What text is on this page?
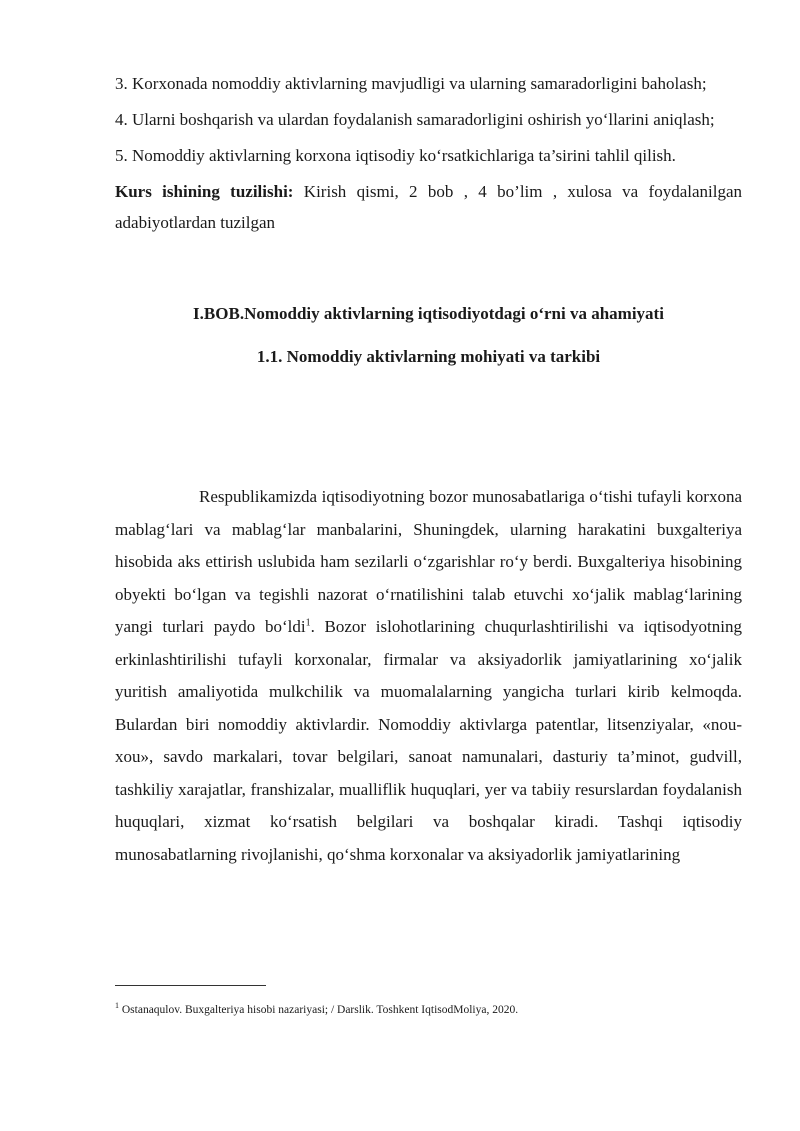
3. Korxonada nomoddiy aktivlarning mavjudligi va ularning samaradorligini baholash;

4. Ularni boshqarish va ulardan foydalanish samaradorligini oshirish yo‘llarini aniqlash;

5. Nomoddiy aktivlarning korxona iqtisodiy ko‘rsatkichlariga ta’sirini tahlil qilish.

Kurs ishining tuzilishi: Kirish qismi, 2 bob , 4 bo’lim , xulosa va foydalanilgan adabiyotlardan tuzilgan

I.BOB.Nomoddiy aktivlarning iqtisodiyotdagi o‘rni va ahamiyati

1.1. Nomoddiy aktivlarning mohiyati va tarkibi

Respublikamizda iqtisodiyotning bozor munosabatlariga o‘tishi tufayli korxona mablag‘lari va mablag‘lar manbalarini, Shuningdek, ularning harakatini buxgalteriya hisobida aks ettirish uslubida ham sezilarli o‘zgarishlar ro‘y berdi. Buxgalteriya hisobining obyekti bo‘lgan va tegishli nazorat o‘rnatilishini talab etuvchi xo‘jalik mablag‘larining yangi turlari paydo bo‘ldi$^1$. Bozor islohotlarining chuqurlashtirilishi va iqtisodyotning erkinlashtirilishi tufayli korxonalar, firmalar va aksiyadorlik jamiyatlarining xo‘jalik yuritish amaliyotida mulkchilik va muomalalarning yangicha turlari kirib kelmoqda. Bulardan biri nomoddiy aktivlardir. Nomoddiy aktivlarga patentlar, litsenziyalar, «nou-xou», savdo markalari, tovar belgilari, sanoat namunalari, dasturiy ta’minot, gudvill, tashkiliy xarajatlar, franshizalar, mualliflik huquqlari, yer va tabiiy resurslardan foydalanish huquqlari, xizmat ko‘rsatish belgilari va boshqalar kiradi. Tashqi iqtisodiy munosabatlarning rivojlanishi, qo‘shma korxonalar va aksiyadorlik jamiyatlarining

$^1$ Ostanaqulov. Buxgalteriya hisobi nazariyasi; / Darslik. Toshkent IqtisodMoliya, 2020.
